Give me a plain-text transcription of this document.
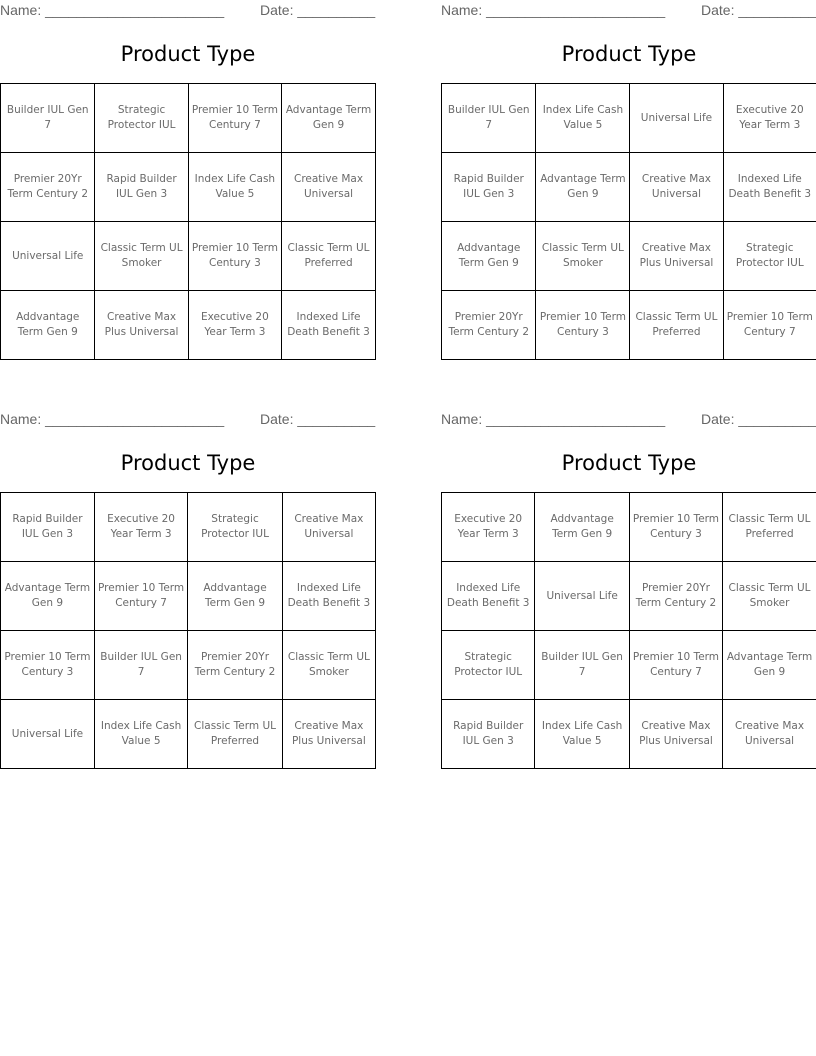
Name: _______________________	Date: __________
Product Type
Builder IUL Gen 7	Strategic Protector IUL	Premier 10 Term Century 7	Advantage Term Gen 9
Premier 20Yr Term Century 2	Rapid Builder IUL Gen 3	Index Life Cash Value 5	Creative Max Universal
Universal Life	Classic Term UL Smoker	Premier 10 Term Century 3	Classic Term UL Preferred
Addvantage Term Gen 9	Creative Max Plus Universal	Executive 20 Year Term 3	Indexed Life Death Benefit 3
Name: _______________________	Date: __________
Product Type
Builder IUL Gen 7	Index Life Cash Value 5	Universal Life	Executive 20 Year Term 3
Rapid Builder IUL Gen 3	Advantage Term Gen 9	Creative Max Universal	Indexed Life Death Benefit 3
Addvantage Term Gen 9	Classic Term UL Smoker	Creative Max Plus Universal	Strategic Protector IUL
Premier 20Yr Term Century 2	Premier 10 Term Century 3	Classic Term UL Preferred	Premier 10 Term Century 7
Name: _______________________	Date: __________
Product Type
Rapid Builder IUL Gen 3	Executive 20 Year Term 3	Strategic Protector IUL	Creative Max Universal
Advantage Term Gen 9	Premier 10 Term Century 7	Addvantage Term Gen 9	Indexed Life Death Benefit 3
Premier 10 Term Century 3	Builder IUL Gen 7	Premier 20Yr Term Century 2	Classic Term UL Smoker
Universal Life	Index Life Cash Value 5	Classic Term UL Preferred	Creative Max Plus Universal
Name: _______________________	Date: __________
Product Type
Executive 20 Year Term 3	Addvantage Term Gen 9	Premier 10 Term Century 3	Classic Term UL Preferred
Indexed Life Death Benefit 3	Universal Life	Premier 20Yr Term Century 2	Classic Term UL Smoker
Strategic Protector IUL	Builder IUL Gen 7	Premier 10 Term Century 7	Advantage Term Gen 9
Rapid Builder IUL Gen 3	Index Life Cash Value 5	Creative Max Plus Universal	Creative Max Universal
